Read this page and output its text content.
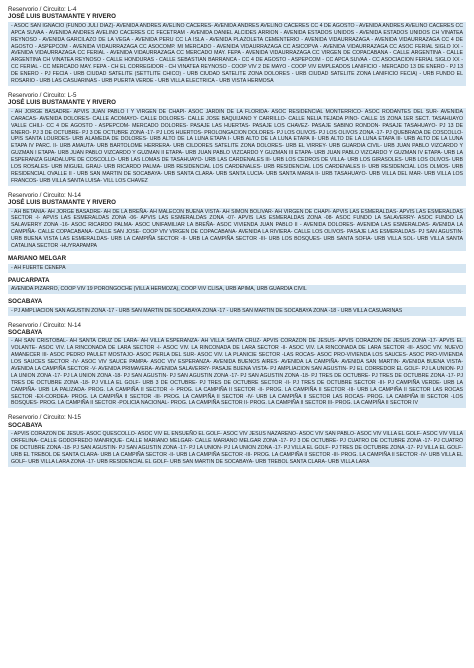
Reservorio / Circuito: L-4
JOSÉ LUIS BUSTAMANTE Y RIVERO
- ASOC SAN IGNACIO (FUNDO JULI DIAZ)- AVENIDA ANDRES AVELINO CACERES- AVENIDA ANDRES AVELINO CACERES CC 4 DE AGOSTO - AVENIDA ANDRES AVELINO CACERES CC APCA SUVAA - AVENIDA ANDRES AVELINO CACERES CC FECETRAM - AVENIDA DANIEL ALCIDES ARRION - AVENIDA ESTADOS UNIDOS - AVENIDA ESTADOS UNIDOS CH VINATEA REYNOSO - AVENIDA GARCILAZO DE LA VEGA - AVENIDA PERU CC LA ISLA - AVENIDA PLAZOLETA CEMENTERIO - AVENIDA VIDAURRAZAGA - AVENIDA VIDAURRAZAGA CC 4 DE AGOSTO - ASPEPCOM - AVENIDA VIDAURRAZAGA CC ASOCOMP. MI MERCADO - AVENIDA VIDAURRAZAGA CC ASICOPVA - AVENIDA VIDAURRAZAGA CC ASOC FERIAL SIGLO XX - AVENIDA VIDAURRAZAGA CC FERIAL - AVENIDA VIDAURRAZAGA CC MERCADO MAY. FEPA - AVENIDA VIDAURRAZAGA CC VIRGEN DE COPACABANA - CALLE ARGENTINA - CALLE ARGENTINA CH VINATEA REYNOSO - CALLE HONDURAS - CALLE SEBASTIAN BARRANCA - CC 4 DE AGOSTO - ASPEPCOM - CC APCA SUVAA - CC ASOCIACION FERIAL SIGLO XX - CC FERIAL - CC MERCADO MAY. FEPA - CH EL CORREGIDOR - CH VINATEA REYNOSO - COOP VIV 2 DE MAYO - COOP VIV EMPLEADOS LANIFICIO - MERCADO 13 DE ENERO - PJ 13 DE ENERO - PJ FECIA - URB CIUDAD SATELITE (SETTLITE CHICO) - URB CIUDAD SATELITE ZONA DOLORES - URB CIUDAD SATELITE ZONA LANIFICIO FECIA) - URB FUNDO EL ROSARIO - URB LAS CASUARINAS - URB PUERTA VERDE - URB VILLA ELECTRICA - URB VISTA HERMOSA
Reservorio / Circuito: L-5
JOSÉ LUIS BUSTAMANTE Y RIVERO
- AH JORGE BASADRE- APVIS JUAN PABLO I Y VIRGEN DE CHAPI- ASOC JARDIN DE LA FLORIDA- ASOC RESIDENCIAL MONTERRICO- ASOC RODANTES DEL SUR- AVENIDA CARACAS- AVENIDA DOLORES- CALLE ACOMAYO- CALLE DOLORES- CALLE JOSE BAQUIJANO Y CARRILLO- CALLE NELIA TEJADA PINO- CALLE 15 ZONA 1ER SECT. TASAHUAYO VALLE CHILI- CC 4 DE AGOSTO - ASPEPCOM- MERCADO DOLORES- PASAJE LAS HUERTAS- PASAJE LOS CHAVEZ- PASAJE SABINO RONDON- PASAJE TASAHUAYO- PJ 13 DE ENERO- PJ 3 DE OCTUBRE- PJ 3 DE OCTUBRE ZONA -17- PJ LOS HUERTOS- PROLONGACION DOLORES- PJ LOS OLIVOS- PJ LOS OLIVOS ZONA -17- PJ QUEBRADA DE COSCOLLO- UPIS SANTA LOURDES- URB ALAMEDA DE DOLORES- URB ALTO DE LA LUNA ETAPA I- URB ALTO DE LA LUNA ETAPA II- URB ALTO DE LA LUNA ETAPA III- URB ALTO DE LA LUNA ETAPA IV PARC. II- URB AMAUTA- URB BARTOLOME HERRERA- URB CILDORES SATELITE ZONA DOLORES- URB EL VIRREY- URB GUARDIA CIVIL- URB JUAN PABLO VIZCARDO Y GUZMAN I ETAPA- URB JUAN PABLO VIZCARDO Y GUZMAN II ETAPA- URB JUAN PABLO VIZCARDO Y GUZMAN III ETAPA- URB JUAN PABLO VIZCARDO Y GUZMAN IV ETAPA- URB LA ESPERANZA GUADALUPE DE COSCOLLO- URB LAS LOMAS DE TASAHUAYO- URB LAS CARDENALES III- URB LOS CEDROS DE VILLA- URB LOS GIRASOLES- URB LOS OLIVOS- URB LOS ROSALES- URB MIGUEL GRAU- URB RICARDO PALMA- URB RESIDENCIAL LOS CARDENALES- URB RESIDENCIAL LOS CARDENALES II- URB RESIDENCIAL LOS OLMOS- URB RESIDENCIAL OVALLE II - URB SAN MARTIN DE SOCABAYA- URB SANTA CLARA- URB SANTA LUCIA- URB SANTA MARIA II- URB TASAHUAYO- URB VILLA DEL MAR- URB VILLA LOS FRANCOS- URB VILLA SANTA LUISA- VILL LOS CHAVEZ
Reservorio / Circuito: N-14
JOSÉ LUIS BUSTAMANTE Y RIVERO
- AH BETANIA- AH JORGE BASADRE- AH DE LA BREÑA- AH MALECON BUENA VISTA- AH SIMON BOLIVAR- AH VIRGEN DE CHAPI- APVIS LAS ESMERALDAS- APVIS LAS ESMERALDAS SECTOR -I- APVIS LAS ESMERALDAS ZONA -06- APVIS LAS ESMERALDAS ZONA -07- APVIS LAS ESMERALDAS ZONA -08- ASOC FUNDO LA SALAVERRY- ASOC FUNDO LA SALAVERRY ZONA -16- ASOC RICARDO PALMA- ASOC UNIFAMILIAR LA BREÑA- ASOC VIVIENDA JUAN PABLO II - AVENIDA DOLORES- AVENIDA LAS ESMERALDAS- AVENIDA LA CAMPIÑA- CALLE COPACABANA- CALLE SAN JOSE- COOP VIV VIRGEN DE COPACABANA- AVENIDA LA RIVIERA- CALLE LOS OLIVOS- PASAJE LAS ESMERALDAS- PJ SAN AGUSTIN- URB BUENA VISTA LAS ESMERALDAS- URB LA CAMPIÑA SECTOR -II- URB LA CAMPIÑA SECTOR -III- URB LOS BOSQUES- URB SANTA SOFIA- URB VILLA SOL- URB VILLA SANTA CATALINA SECTOR -HUYRAPAMPA
MARIANO MELGAR
- AH FUERTE CENEPA
PAUCARPATA
AVENIDA PIZARRO, COOP VIV 19 PORONGOCHE (VILLA HERMOZA), COOP VIV CLISA, URB APIMA, URB GUARDIA CIVIL
SOCABAYA
- PJ AMPLIACION SAN AGUSTIN ZONA -17 - URB SAN MARTIN DE SOCABAYA ZONA -17 - URB SAN MARTIN DE SOCABAYA ZONA -18 - URB VILLA CASUARINAS
Reservorio / Circuito: N-14
SOCABAYA
- AH SAN CRISTOBAL- AH SANTA CRUZ DE LARA- AH VILLA ESPERANZA- AH VILLA SANTA CRUZ- APVIS CORAZON DE JESUS- APVIS CORAZON DE JESUS ZONA -17- APVIS EL VOLANTE- ASOC VIV. LA RINCONADA DE LARA SECTOR -I- ASOC VIV. LA RINCONADA DE LARA SECTOR -II- ASOC VIV. LA RINCONADA DE LARA SECTOR -III- ASOC VIV. NUEVO AMANECER III- ASOC PEDRO PAULET MOSTAJO- ASOC PERLA DEL SUR- ASOC VIV. LA PLANICIE SECTOR -LAS ROCAS- ASOC PRO-VIVIENDA LOS SAUCES- ASOC PRO-VIVIENDA LOS SAUCES SECTOR -IV- ASOC VIV SAUCE PAMPA- ASOC VIV ESPERANZA- AVENIDA BUENOS AIRES- AVENIDA LA CAMPIÑA- AVENIDA SAN MARTIN- AVENIDA BUENA VISTA- AVENIDA LA CAMPIÑA SECTOR -V- AVENIDA PRIMAVERA- AVENIDA SALAVERRY- PASAJE BUENA VISTA- PJ AMPLIACION SAN AGUSTIN- PJ EL CORREDOR EL GOLF- PJ LA UNION- PJ LA UNION ZONA -17- PJ LA UNION ZONA -18- PJ SAN AGUSTIN- PJ SAN AGUSTIN ZONA -17- PJ SAN AGUSTIN ZONA -18- PJ TRES DE OCTUBRE- PJ TRES DE OCTUBRE ZONA -17- PJ TRES DE OCTUBRE ZONA -18- PJ VILLA EL GOLF- URB 3 DE OCTUBRE- PJ TRES DE OCTUBRE SECTOR -II- PJ TRES DE OCTUBRE SECTOR -III- PJ CAMPIÑA VERDE- URB LA CAMPIÑA- URB LA PALIZADA- PROG. LA CAMPIÑA II SECTOR -I- PROG. LA CAMPIÑA II SECTOR -II- PROG. LA CAMPIÑA II SECTOR -III- URB LA CAMPIÑA II SECTOR LAS ROCAS SECTOR -EX-CORDEA- PROG. LA CAMPIÑA II SECTOR -III- PROG. LA CAMPIÑA II SECTOR -IV- URB LA CAMPIÑA II SECTOR LAS ROCAS- PROG. LA CAMPIÑA III SECTOR -LOS BOSQUES- PROG. LA CAMPIÑA II SECTOR -POLICIA NACIONAL- PROG. LA CAMPIÑA SECTOR II- PROG. LA CAMPIÑA II SECTOR III- PROG. LA CAMPIÑA II SECTOR IV
Reservorio / Circuito: N-15
SOCABAYA
- APVIS CORAZON DE JESUS- ASOC QUESCOLLO- ASOC VIV EL ENSUEÑO EL GOLF- ASOC VIV JESUS NAZARENO- ASOC VIV SAN PABLO- ASOC VIV VILLA EL GOLF- ASOC VIV VILLA ORFELINA- CALLE GODOFREDO MANRIQUE- CALLE MARIANO MELGAR- CALLE MARIANO MELGAR ZONA -17- PJ 3 DE OCTUBRE- PJ CUATRO DE OCTUBRE ZONA -17- PJ CUATRO DE OCTUBRE ZONA -18- PJ SAN AGUSTIN- PJ SAN AGUSTIN ZONA -17- PJ LA UNION- PJ LA UNION ZONA -17- PJ VILLA EL GOLF- PJ TRES DE OCTUBRE ZONA -17- PJ VILLA EL GOLF- URB EL TREBOL DE SANTA CLARA- URB LA CAMPIÑA SECTOR -II- URB LA CAMPIÑA SECTOR -III- PROG. LA CAMPIÑA II SECTOR -III- PROG. LA CAMPIÑA II SECTOR -IV- URB VILLA EL GOLF- URB VILLA LARA ZONA -17- URB RESIDENCIAL EL GOLF- URB SAN MARTIN DE SOCABAYA- URB TREBOL SANTA CLARA- URB VILLA LARA
